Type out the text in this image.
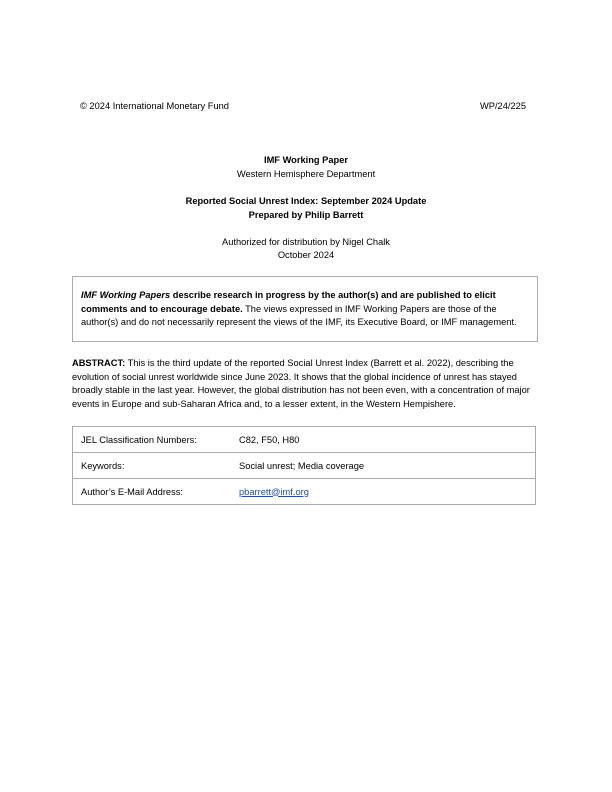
© 2024 International Monetary Fund	WP/24/225
IMF Working Paper
Western Hemisphere Department
Reported Social Unrest Index: September 2024 Update
Prepared by Philip Barrett
Authorized for distribution by Nigel Chalk
October 2024
IMF Working Papers describe research in progress by the author(s) and are published to elicit comments and to encourage debate. The views expressed in IMF Working Papers are those of the author(s) and do not necessarily represent the views of the IMF, its Executive Board, or IMF management.
ABSTRACT: This is the third update of the reported Social Unrest Index (Barrett et al. 2022), describing the evolution of social unrest worldwide since June 2023. It shows that the global incidence of unrest has stayed broadly stable in the last year. However, the global distribution has not been even, with a concentration of major events in Europe and sub-Saharan Africa and, to a lesser extent, in the Western Hempishere.
JEL Classification Numbers:	C82, F50, H80
Keywords:	Social unrest; Media coverage
Author’s E-Mail Address:	pbarrett@imf.org
